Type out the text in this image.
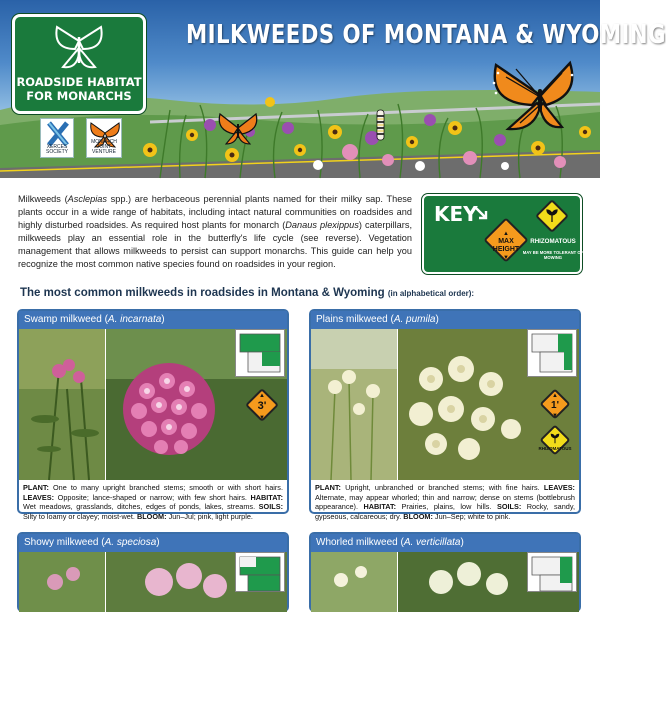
MILKWEEDS OF MONTANA & WYOMING
ROADSIDE HABITAT
FOR MONARCHS
XERCES SOCIETY
MONARCH JOINT VENTURE

Milkweeds (Asclepias spp.) are herbaceous perennial plants named for their milky sap. These plants occur in a wide range of habitats, including intact natural communities on roadsides and highly disturbed roadsides. As required host plants for monarch (Danaus plexippus) caterpillars, milkweeds play an essential role in the butterfly's life cycle (see reverse). Vegetation management that allows milkweeds to persist can support monarchs. This guide can help you recognize the most common native species found on roadsides in your region.

KEY
▲
MAX
HEIGHT
▼
RHIZOMATOUS
MAY BE MORE TOLERANT OF MOWING
The most common milkweeds in roadsides in Montana & Wyoming (in alphabetical order):
Swamp milkweed (A. incarnata)
▲
3'
▼

PLANT: One to many upright branched stems; smooth or with short hairs. LEAVES: Opposite; lance-shaped or narrow; with few short hairs. HABITAT: Wet meadows, grasslands, ditches, edges of ponds, lakes, streams. SOILS: Silty to loamy or clayey; moist-wet. BLOOM: Jun–Jul; pink, light purple.

Plains milkweed (A. pumila)
▲
1'
▼
RHIZOMATOUS

PLANT: Upright, unbranched or branched stems; with fine hairs. LEAVES: Alternate, may appear whorled; thin and narrow; dense on stems (bottlebrush appearance). HABITAT: Prairies, plains, low hills. SOILS: Rocky, sandy, gypseous, calcareous; dry. BLOOM: Jun–Sep; white to pink.

Showy milkweed (A. speciosa)	Whorled milkweed (A. verticillata)
